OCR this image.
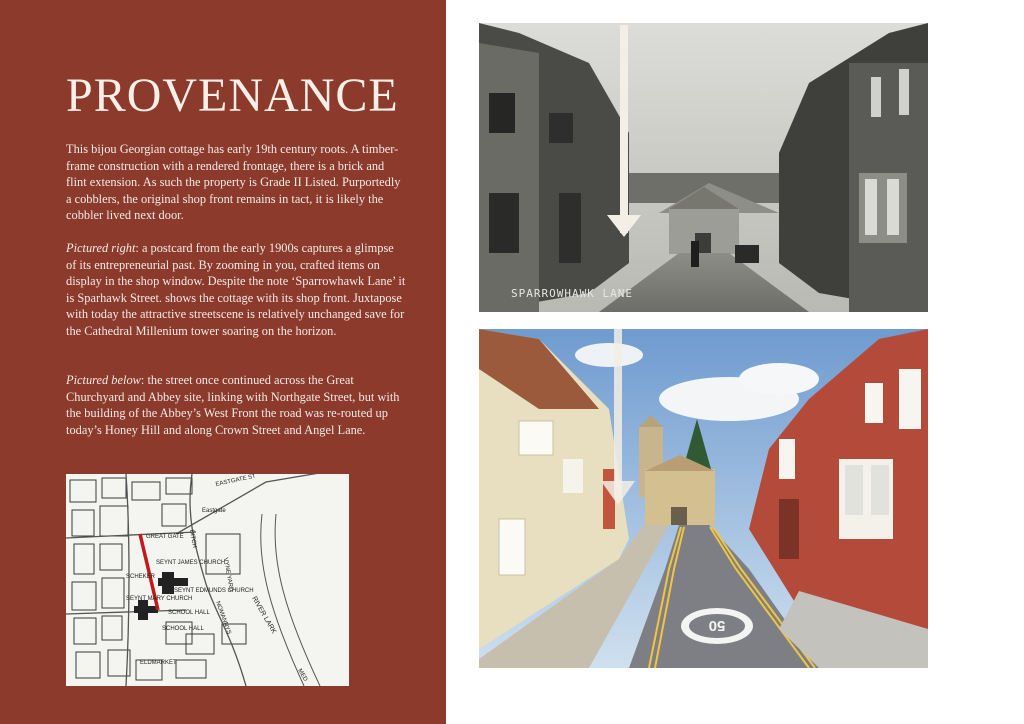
PROVENANCE

This bijou Georgian cottage has early 19th century roots. A timber-frame construction with a rendered frontage, there is a brick and flint extension. As such the property is Grade II Listed. Purportedly a cobblers, the original shop front remains in tact, it is likely the cobbler lived next door.

Pictured right: a postcard from the early 1900s captures a glimpse of its entrepreneurial past. By zooming in you, crafted items on display in the shop window. Despite the note ‘Sparrowhawk Lane’ it is Sparhawk Street. shows the cottage with its shop front. Juxtapose with today the attractive streetscene is relatively unchanged save for the Cathedral Millenium tower soaring on the horizon.

Pictured below: the street once continued across the Great Churchyard and Abbey site, linking with Northgate Street, but with the building of the Abbey’s West Front the road was re-routed up today’s Honey Hill and along Crown Street and Angel Lane.

EASTGATE ST
Eastgate
GREAT GATE DITCH
VYNE YARD
SEYNT JAMES CHURCH
SCHEKER
SEYNT EDMUNDS CHURCH
SEYNT MARY CHURCH
SCHOOL HALL
SCHOOL HALL	RIVER LARK
NOMANNYS
ELDMARKET
MED
SPARROWHAWK LANE
50
